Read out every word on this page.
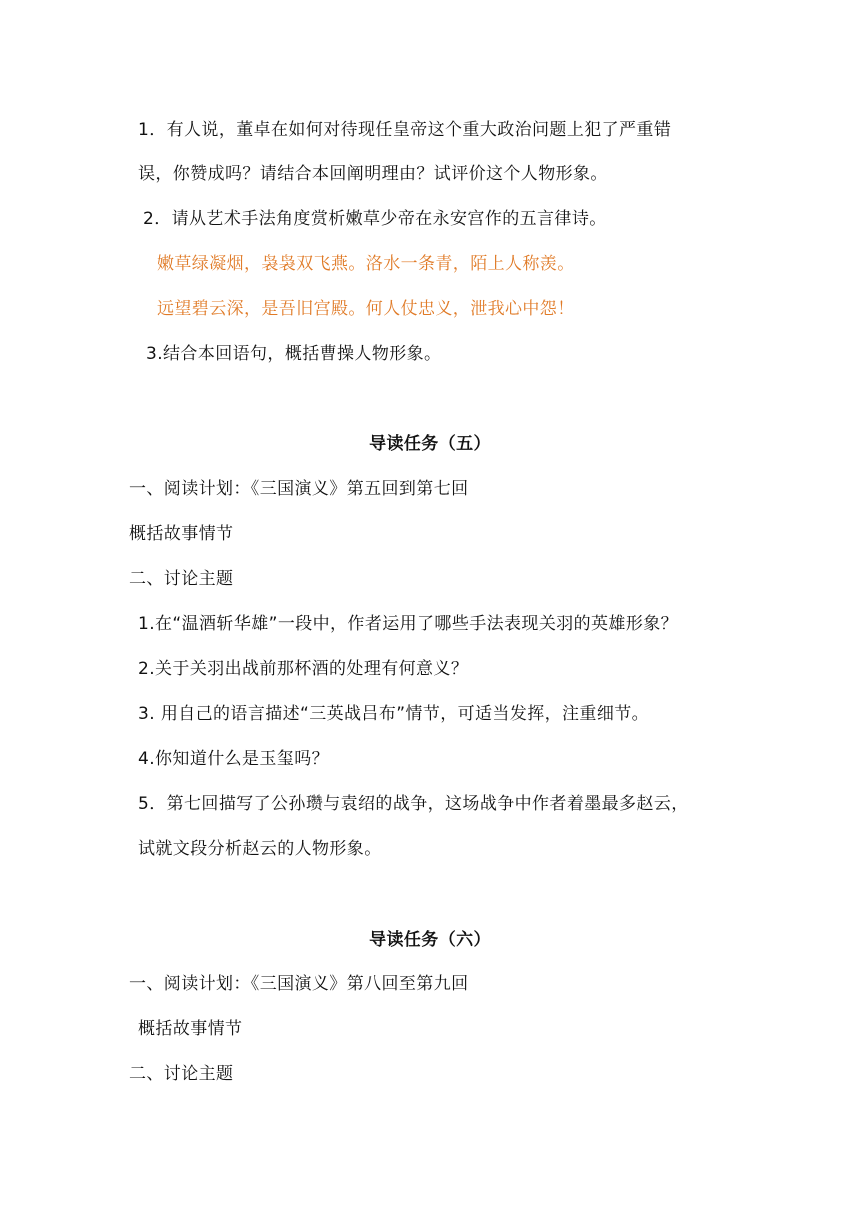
1．有人说，董卓在如何对待现任皇帝这个重大政治问题上犯了严重错
误，你赞成吗？请结合本回阐明理由？试评价这个人物形象。
2．请从艺术手法角度赏析嫩草少帝在永安宫作的五言律诗。
嫩草绿凝烟，袅袅双飞燕。洛水一条青，陌上人称羡。
远望碧云深，是吾旧宫殿。何人仗忠义，泄我心中怨！
3.结合本回语句，概括曹操人物形象。
导读任务（五）
一、阅读计划：《三国演义》第五回到第七回
概括故事情节
二、讨论主题
1.在“温酒斩华雄”一段中，作者运用了哪些手法表现关羽的英雄形象？
2.关于关羽出战前那杯酒的处理有何意义？
3. 用自己的语言描述“三英战吕布”情节，可适当发挥，注重细节。
4.你知道什么是玉玺吗？
5．第七回描写了公孙瓒与袁绍的战争，这场战争中作者着墨最多赵云，
试就文段分析赵云的人物形象。
导读任务（六）
一、阅读计划：《三国演义》第八回至第九回
概括故事情节
二、讨论主题
